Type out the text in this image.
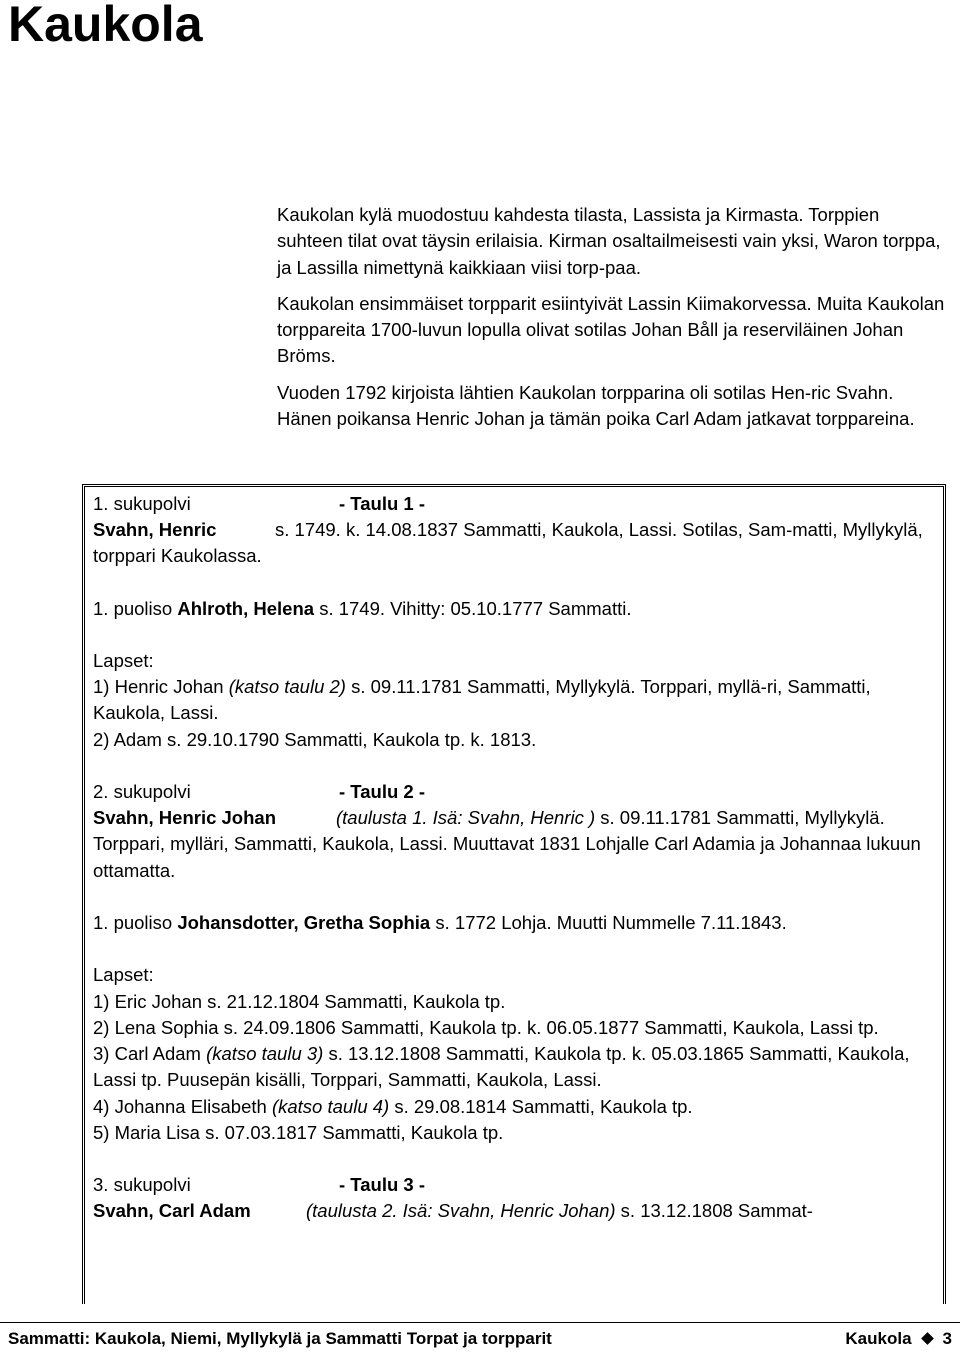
Kaukola

Kaukolan kylä muodostuu kahdesta tilasta, Lassista ja Kirmasta. Torppien suhteen tilat ovat täysin erilaisia. Kirman osaltailmeisesti vain yksi, Waron torppa, ja Lassilla nimettynä kaikkiaan viisi torp-paa.

Kaukolan ensimmäiset torpparit esiintyivät Lassin Kiimakorvessa. Muita Kaukolan torppareita 1700-luvun lopulla olivat sotilas Johan Båll ja reserviläinen Johan Bröms.

Vuoden 1792 kirjoista lähtien Kaukolan torpparina oli sotilas Hen-ric Svahn. Hänen poikansa Henric Johan ja tämän poika Carl Adam jatkavat torppareina.

1. sukupolvi	- Taulu 1 -

Svahn, Henric	s. 1749. k. 14.08.1837 Sammatti, Kaukola, Lassi. Sotilas, Sam-matti, Myllykylä, torppari Kaukolassa.

1. puoliso Ahlroth, Helena s. 1749. Vihitty: 05.10.1777 Sammatti.

Lapset:

1) Henric Johan (katso taulu 2) s. 09.11.1781 Sammatti, Myllykylä. Torppari, myllä-ri, Sammatti, Kaukola, Lassi.

2) Adam s. 29.10.1790 Sammatti, Kaukola tp. k. 1813.

2. sukupolvi	- Taulu 2 -

Svahn, Henric Johan	(taulusta 1. Isä: Svahn, Henric ) s. 09.11.1781 Sammatti, Myllykylä. Torppari, mylläri, Sammatti, Kaukola, Lassi. Muuttavat 1831 Lohjalle Carl Adamia ja Johannaa lukuun ottamatta.

1. puoliso Johansdotter, Gretha Sophia s. 1772 Lohja. Muutti Nummelle 7.11.1843.

Lapset:

1) Eric Johan s. 21.12.1804 Sammatti, Kaukola tp.

2) Lena Sophia s. 24.09.1806 Sammatti, Kaukola tp. k. 06.05.1877 Sammatti, Kaukola, Lassi tp.

3) Carl Adam (katso taulu 3) s. 13.12.1808 Sammatti, Kaukola tp. k. 05.03.1865 Sammatti, Kaukola, Lassi tp. Puusepän kisälli, Torppari, Sammatti, Kaukola, Lassi.

4) Johanna Elisabeth (katso taulu 4) s. 29.08.1814 Sammatti, Kaukola tp.

5) Maria Lisa s. 07.03.1817 Sammatti, Kaukola tp.

3. sukupolvi	- Taulu 3 -

Svahn, Carl Adam	(taulusta 2. Isä: Svahn, Henric Johan) s. 13.12.1808 Sammat-

Sammatti: Kaukola, Niemi, Myllykylä ja Sammatti Torpat ja torpparit	Kaukola 3
